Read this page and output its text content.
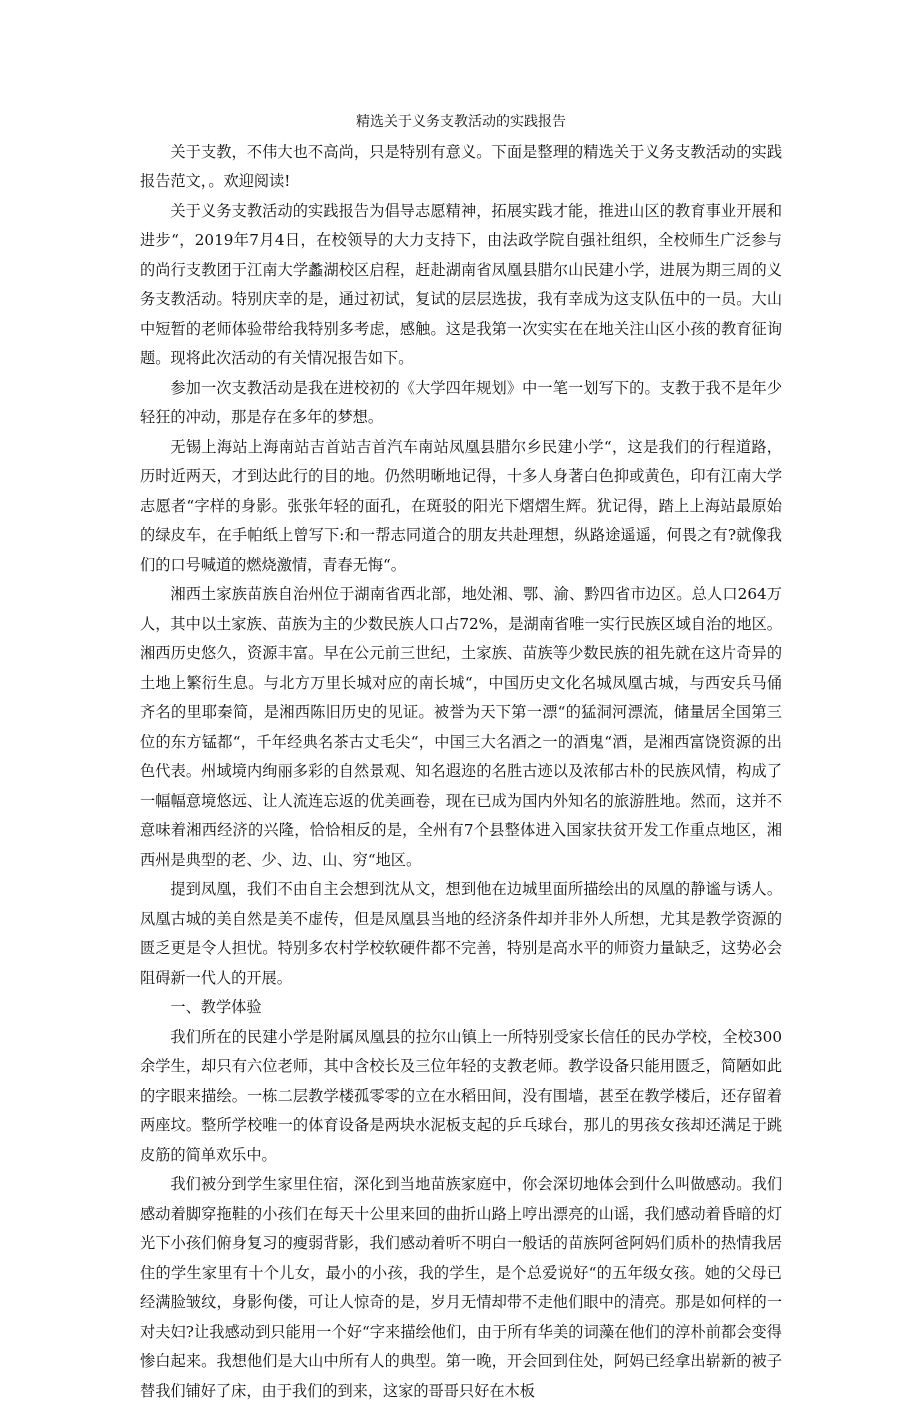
精选关于义务支教活动的实践报告

关于支教，不伟大也不高尚，只是特别有意义。下面是整理的精选关于义务支教活动的实践报告范文，。欢迎阅读!

关于义务支教活动的实践报告为倡导志愿精神，拓展实践才能，推进山区的教育事业开展和进步“，2019年7月4日，在校领导的大力支持下，由法政学院自强社组织，全校师生广泛参与的尚行支教团于江南大学蠡湖校区启程，赶赴湖南省凤凰县腊尔山民建小学，进展为期三周的义务支教活动。特别庆幸的是，通过初试，复试的层层选拔，我有幸成为这支队伍中的一员。大山中短暂的老师体验带给我特别多考虑，感触。这是我第一次实实在在地关注山区小孩的教育征询题。现将此次活动的有关情况报告如下。

参加一次支教活动是我在进校初的《大学四年规划》中一笔一划写下的。支教于我不是年少轻狂的冲动，那是存在多年的梦想。

无锡上海站上海南站吉首站吉首汽车南站凤凰县腊尔乡民建小学“，这是我们的行程道路，历时近两天，才到达此行的目的地。仍然明晰地记得，十多人身著白色抑或黄色，印有江南大学志愿者“字样的身影。张张年轻的面孔，在斑驳的阳光下熠熠生辉。犹记得，踏上上海站最原始的绿皮车，在手帕纸上曾写下:和一帮志同道合的朋友共赴理想，纵路途遥遥，何畏之有?就像我们的口号喊道的燃烧激情，青春无悔“。

湘西土家族苗族自治州位于湖南省西北部，地处湘、鄂、渝、黔四省市边区。总人口264万人，其中以土家族、苗族为主的少数民族人口占72%，是湖南省唯一实行民族区域自治的地区。湘西历史悠久，资源丰富。早在公元前三世纪，土家族、苗族等少数民族的祖先就在这片奇异的土地上繁衍生息。与北方万里长城对应的南长城“，中国历史文化名城凤凰古城，与西安兵马俑齐名的里耶秦简，是湘西陈旧历史的见证。被誉为天下第一漂“的猛洞河漂流，储量居全国第三位的东方锰都“，千年经典名茶古丈毛尖“，中国三大名酒之一的酒鬼“酒，是湘西富饶资源的出色代表。州域境内绚丽多彩的自然景观、知名遐迩的名胜古迹以及浓郁古朴的民族风情，构成了一幅幅意境悠远、让人流连忘返的优美画卷，现在已成为国内外知名的旅游胜地。然而，这并不意味着湘西经济的兴隆，恰恰相反的是，全州有7个县整体进入国家扶贫开发工作重点地区，湘西州是典型的老、少、边、山、穷“地区。

提到凤凰，我们不由自主会想到沈从文，想到他在边城里面所描绘出的凤凰的静谧与诱人。凤凰古城的美自然是美不虚传，但是凤凰县当地的经济条件却并非外人所想，尤其是教学资源的匮乏更是令人担忧。特别多农村学校软硬件都不完善，特别是高水平的师资力量缺乏，这势必会阻碍新一代人的开展。

一、教学体验

我们所在的民建小学是附属凤凰县的拉尔山镇上一所特别受家长信任的民办学校，全校300余学生，却只有六位老师，其中含校长及三位年轻的支教老师。教学设备只能用匮乏，简陋如此的字眼来描绘。一栋二层教学楼孤零零的立在水稻田间，没有围墙，甚至在教学楼后，还存留着两座坟。整所学校唯一的体育设备是两块水泥板支起的乒乓球台，那儿的男孩女孩却还满足于跳皮筋的简单欢乐中。

我们被分到学生家里住宿，深化到当地苗族家庭中，你会深切地体会到什么叫做感动。我们感动着脚穿拖鞋的小孩们在每天十公里来回的曲折山路上哼出漂亮的山谣，我们感动着昏暗的灯光下小孩们俯身复习的瘦弱背影，我们感动着听不明白一般话的苗族阿爸阿妈们质朴的热情我居住的学生家里有十个儿女，最小的小孩，我的学生，是个总爱说好“的五年级女孩。她的父母已经满脸皱纹，身影佝偻，可让人惊奇的是，岁月无情却带不走他们眼中的清亮。那是如何样的一对夫妇?让我感动到只能用一个好“字来描绘他们，由于所有华美的词藻在他们的淳朴前都会变得惨白起来。我想他们是大山中所有人的典型。第一晚，开会回到住处，阿妈已经拿出崭新的被子替我们铺好了床，由于我们的到来，这家的哥哥只好在木板
